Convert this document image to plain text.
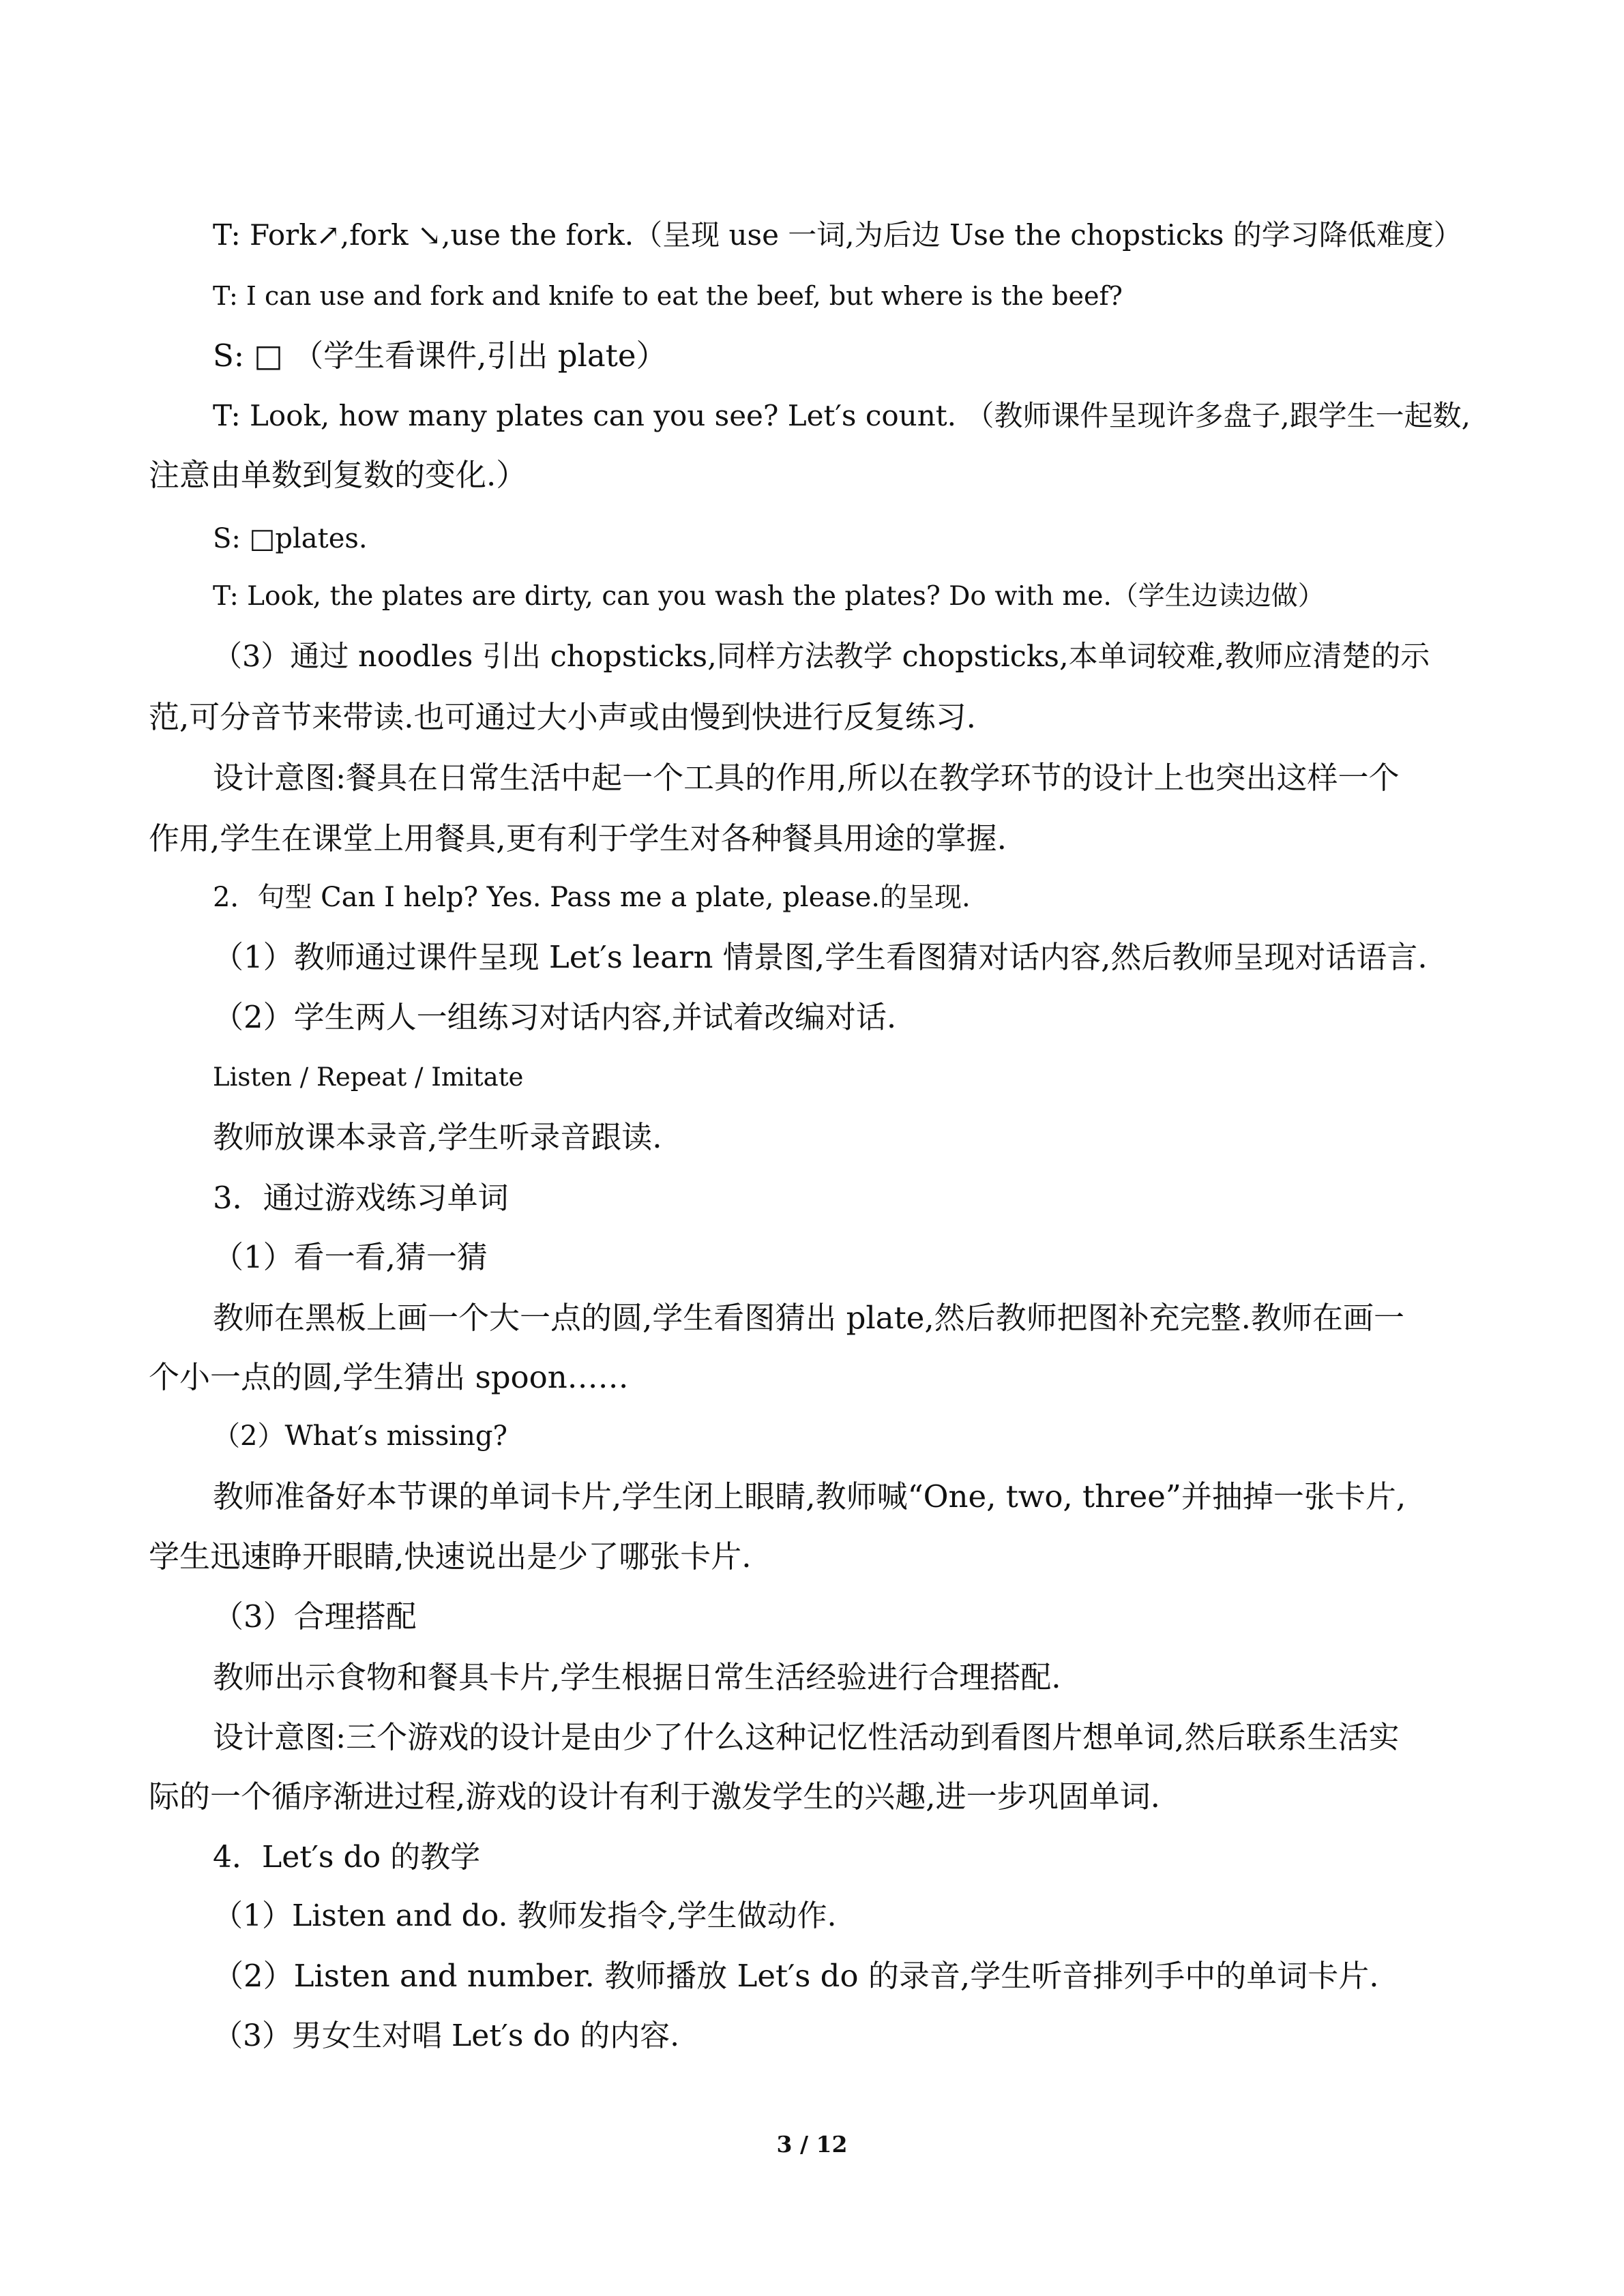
T: Fork↗,fork ↘,use the fork.（呈现 use 一词,为后边 Use the chopsticks 的学习降低难度）

T: I can use and fork and knife to eat the beef, but where is the beef?

S: □ （学生看课件,引出 plate）

T: Look, how many plates can you see? Let′s count. （教师课件呈现许多盘子,跟学生一起数,

注意由单数到复数的变化.）

S: □plates.

T: Look, the plates are dirty, can you wash the plates? Do with me.（学生边读边做）

（3）通过 noodles 引出 chopsticks,同样方法教学 chopsticks,本单词较难,教师应清楚的示

范,可分音节来带读.也可通过大小声或由慢到快进行反复练习.

设计意图:餐具在日常生活中起一个工具的作用,所以在教学环节的设计上也突出这样一个

作用,学生在课堂上用餐具,更有利于学生对各种餐具用途的掌握.

2．句型 Can I help? Yes. Pass me a plate, please.的呈现.

（1）教师通过课件呈现 Let′s learn 情景图,学生看图猜对话内容,然后教师呈现对话语言.

（2）学生两人一组练习对话内容,并试着改编对话.

Listen / Repeat / Imitate

教师放课本录音,学生听录音跟读.

3．通过游戏练习单词

（1）看一看,猜一猜

教师在黑板上画一个大一点的圆,学生看图猜出 plate,然后教师把图补充完整.教师在画一

个小一点的圆,学生猜出 spoon……

（2）What′s missing?

教师准备好本节课的单词卡片,学生闭上眼睛,教师喊“One, two, three”并抽掉一张卡片,

学生迅速睁开眼睛,快速说出是少了哪张卡片.

（3）合理搭配

教师出示食物和餐具卡片,学生根据日常生活经验进行合理搭配.

设计意图:三个游戏的设计是由少了什么这种记忆性活动到看图片想单词,然后联系生活实

际的一个循序渐进过程,游戏的设计有利于激发学生的兴趣,进一步巩固单词.

4．Let′s do 的教学

（1）Listen and do. 教师发指令,学生做动作.

（2）Listen and number. 教师播放 Let′s do 的录音,学生听音排列手中的单词卡片.

（3）男女生对唱 Let′s do 的内容.

3 / 12
